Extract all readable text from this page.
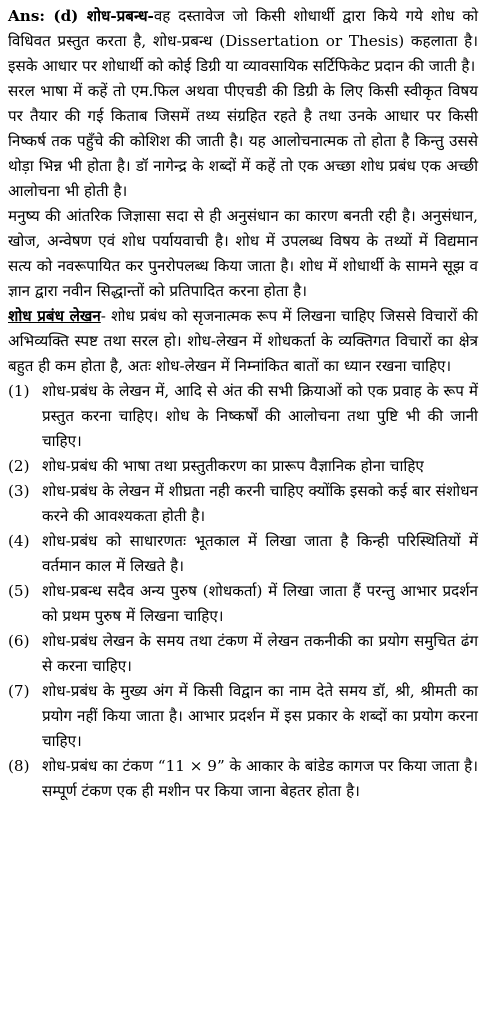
Ans: (d) शोध-प्रबन्ध-वह दस्तावेज जो किसी शोधार्थी द्वारा किये गये शोध को विधिवत प्रस्तुत करता है, शोध-प्रबन्ध (Dissertation or Thesis) कहलाता है। इसके आधार पर शोधार्थी को कोई डिग्री या व्यावसायिक सर्टिफिकेट प्रदान की जाती है।

सरल भाषा में कहें तो एम.फिल अथवा पीएचडी की डिग्री के लिए किसी स्वीकृत विषय पर तैयार की गई किताब जिसमें तथ्य संग्रहित रहते है तथा उनके आधार पर किसी निष्कर्ष तक पहुँचे की कोशिश की जाती है। यह आलोचनात्मक तो होता है किन्तु उससे थोड़ा भिन्न भी होता है। डॉ नागेन्द्र के शब्दों में कहें तो एक अच्छा शोध प्रबंध एक अच्छी आलोचना भी होती है।

मनुष्य की आंतरिक जिज्ञासा सदा से ही अनुसंधान का कारण बनती रही है। अनुसंधान, खोज, अन्वेषण एवं शोध पर्यायवाची है। शोध में उपलब्ध विषय के तथ्यों में विद्यमान सत्य को नवरूपायित कर पुनरोपलब्ध किया जाता है। शोध में शोधार्थी के सामने सूझ व ज्ञान द्वारा नवीन सिद्धान्तों को प्रतिपादित करना होता है।

शोध प्रबंध लेखन- शोध प्रबंध को सृजनात्मक रूप में लिखना चाहिए जिससे विचारों की अभिव्यक्ति स्पष्ट तथा सरल हो। शोध-लेखन में शोधकर्ता के व्यक्तिगत विचारों का क्षेत्र बहुत ही कम होता है, अतः शोध-लेखन में निम्नांकित बातों का ध्यान रखना चाहिए।

(1) शोध-प्रबंध के लेखन में, आदि से अंत की सभी क्रियाओं को एक प्रवाह के रूप में प्रस्तुत करना चाहिए। शोध के निष्कर्षों की आलोचना तथा पुष्टि भी की जानी चाहिए।
(2) शोध-प्रबंध की भाषा तथा प्रस्तुतीकरण का प्रारूप वैज्ञानिक होना चाहिए
(3) शोध-प्रबंध के लेखन में शीघ्रता नही करनी चाहिए क्योंकि इसको कई बार संशोधन करने की आवश्यकता होती है।
(4) शोध-प्रबंध को साधारणतः भूतकाल में लिखा जाता है किन्ही परिस्थितियों में वर्तमान काल में लिखते है।
(5) शोध-प्रबन्ध सदैव अन्य पुरुष (शोधकर्ता) में लिखा जाता हैं परन्तु आभार प्रदर्शन को प्रथम पुरुष में लिखना चाहिए।
(6) शोध-प्रबंध लेखन के समय तथा टंकण में लेखन तकनीकी का प्रयोग समुचित ढंग से करना चाहिए।
(7) शोध-प्रबंध के मुख्य अंग में किसी विद्वान का नाम देते समय डॉ, श्री, श्रीमती का प्रयोग नहीं किया जाता है। आभार प्रदर्शन में इस प्रकार के शब्दों का प्रयोग करना चाहिए।
(8) शोध-प्रबंध का टंकण “11 × 9” के आकार के बांडेड कागज पर किया जाता है। सम्पूर्ण टंकण एक ही मशीन पर किया जाना बेहतर होता है।
